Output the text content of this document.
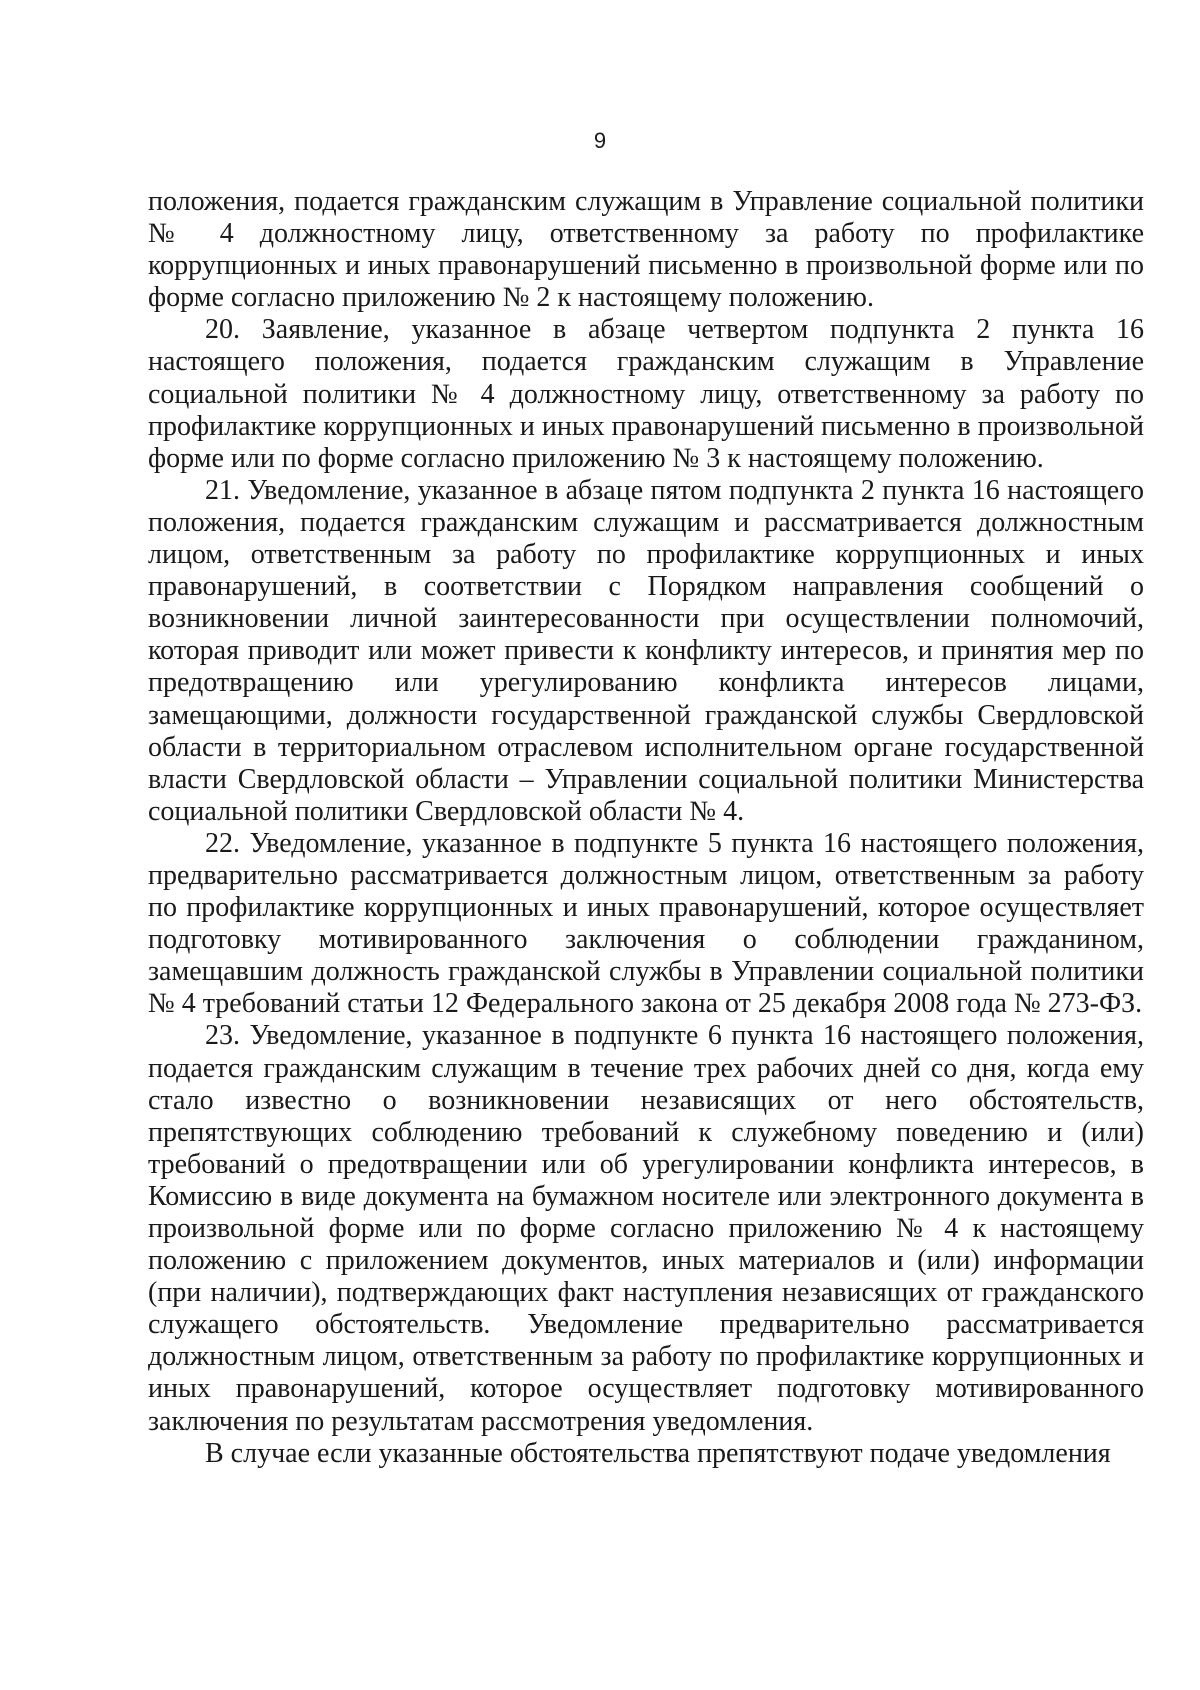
9

положения, подается гражданским служащим в Управление социальной политики № 4 должностному лицу, ответственному за работу по профилактике коррупционных и иных правонарушений письменно в произвольной форме или по форме согласно приложению № 2 к настоящему положению.

20. Заявление, указанное в абзаце четвертом подпункта 2 пункта 16 настоящего положения, подается гражданским служащим в Управление социальной политики № 4 должностному лицу, ответственному за работу по профилактике коррупционных и иных правонарушений письменно в произвольной форме или по форме согласно приложению № 3 к настоящему положению.

21. Уведомление, указанное в абзаце пятом подпункта 2 пункта 16 настоящего положения, подается гражданским служащим и рассматривается должностным лицом, ответственным за работу по профилактике коррупционных и иных правонарушений, в соответствии с Порядком направления сообщений о возникновении личной заинтересованности при осуществлении полномочий, которая приводит или может привести к конфликту интересов, и принятия мер по предотвращению или урегулированию конфликта интересов лицами, замещающими, должности государственной гражданской службы Свердловской области в территориальном отраслевом исполнительном органе государственной власти Свердловской области – Управлении социальной политики Министерства социальной политики Свердловской области № 4.

22. Уведомление, указанное в подпункте 5 пункта 16 настоящего положения, предварительно рассматривается должностным лицом, ответственным за работу по профилактике коррупционных и иных правонарушений, которое осуществляет подготовку мотивированного заключения о соблюдении гражданином, замещавшим должность гражданской службы в Управлении социальной политики № 4 требований статьи 12 Федерального закона от 25 декабря 2008 года № 273-ФЗ.

23. Уведомление, указанное в подпункте 6 пункта 16 настоящего положения, подается гражданским служащим в течение трех рабочих дней со дня, когда ему стало известно о возникновении независящих от него обстоятельств, препятствующих соблюдению требований к служебному поведению и (или) требований о предотвращении или об урегулировании конфликта интересов, в Комиссию в виде документа на бумажном носителе или электронного документа в произвольной форме или по форме согласно приложению № 4 к настоящему положению с приложением документов, иных материалов и (или) информации (при наличии), подтверждающих факт наступления независящих от гражданского служащего обстоятельств. Уведомление предварительно рассматривается должностным лицом, ответственным за работу по профилактике коррупционных и иных правонарушений, которое осуществляет подготовку мотивированного заключения по результатам рассмотрения уведомления.

В случае если указанные обстоятельства препятствуют подаче уведомления
